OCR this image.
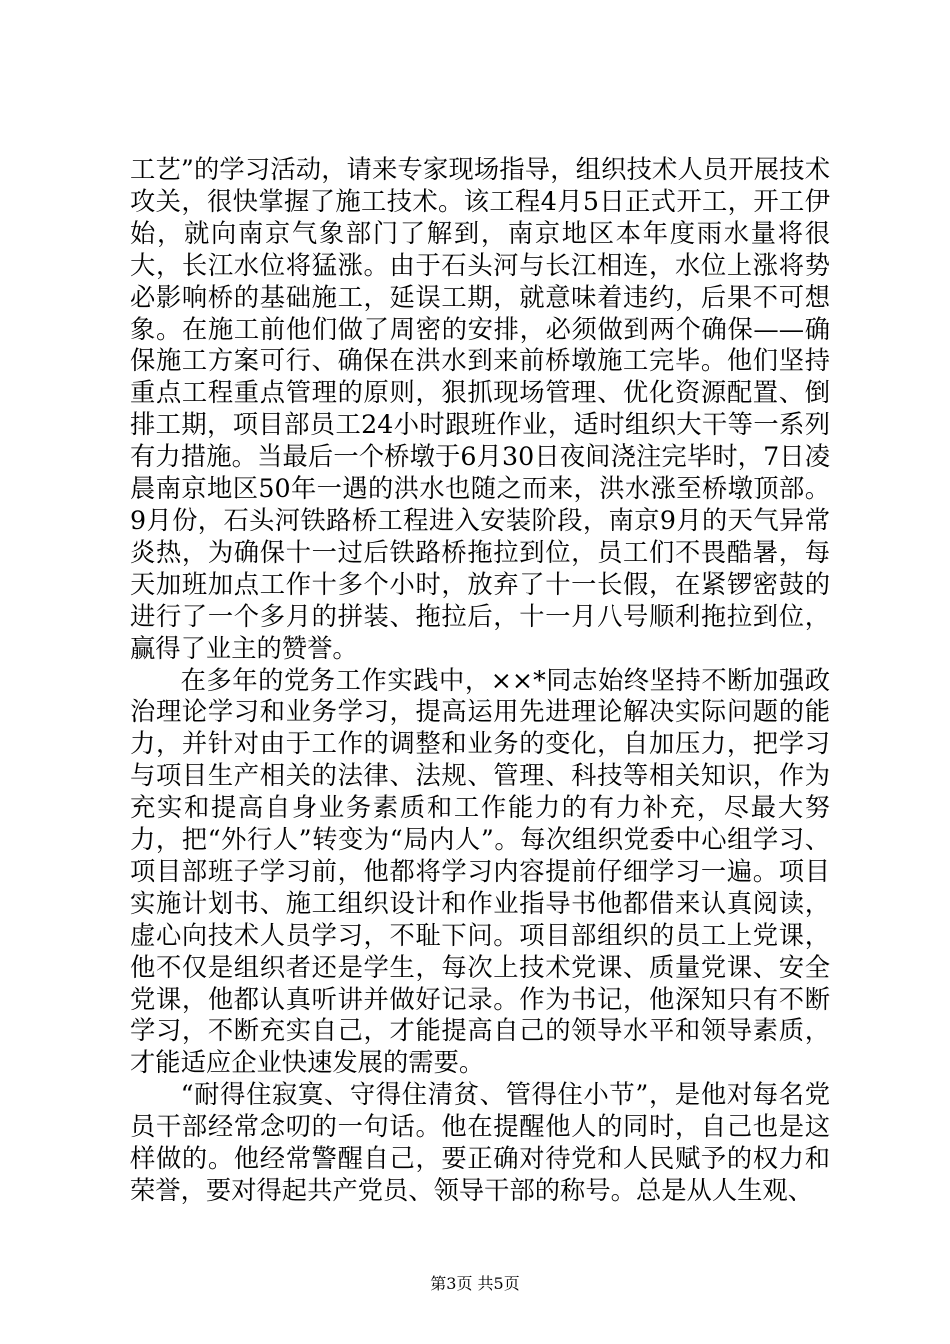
工艺”的学习活动，请来专家现场指导，组织技术人员开展技术攻关，很快掌握了施工技术。该工程4月5日正式开工，开工伊始，就向南京气象部门了解到，南京地区本年度雨水量将很大，长江水位将猛涨。由于石头河与长江相连，水位上涨将势必影响桥的基础施工，延误工期，就意味着违约，后果不可想象。在施工前他们做了周密的安排，必须做到两个确保——确保施工方案可行、确保在洪水到来前桥墩施工完毕。他们坚持重点工程重点管理的原则，狠抓现场管理、优化资源配置、倒排工期，项目部员工24小时跟班作业，适时组织大干等一系列有力措施。当最后一个桥墩于6月30日夜间浇注完毕时，7日凌晨南京地区50年一遇的洪水也随之而来，洪水涨至桥墩顶部。9月份，石头河铁路桥工程进入安装阶段，南京9月的天气异常炎热，为确保十一过后铁路桥拖拉到位，员工们不畏酷暑，每天加班加点工作十多个小时，放弃了十一长假，在紧锣密鼓的进行了一个多月的拼装、拖拉后，十一月八号顺利拖拉到位，赢得了业主的赞誉。

在多年的党务工作实践中，××*同志始终坚持不断加强政治理论学习和业务学习，提高运用先进理论解决实际问题的能力，并针对由于工作的调整和业务的变化，自加压力，把学习与项目生产相关的法律、法规、管理、科技等相关知识，作为充实和提高自身业务素质和工作能力的有力补充，尽最大努力，把“外行人”转变为“局内人”。每次组织党委中心组学习、项目部班子学习前，他都将学习内容提前仔细学习一遍。项目实施计划书、施工组织设计和作业指导书他都借来认真阅读，虚心向技术人员学习，不耻下问。项目部组织的员工上党课，他不仅是组织者还是学生，每次上技术党课、质量党课、安全党课，他都认真听讲并做好记录。作为书记，他深知只有不断学习，不断充实自己，才能提高自己的领导水平和领导素质，才能适应企业快速发展的需要。

“耐得住寂寞、守得住清贫、管得住小节”，是他对每名党员干部经常念叨的一句话。他在提醒他人的同时，自己也是这样做的。他经常警醒自己，要正确对待党和人民赋予的权力和荣誉，要对得起共产党员、领导干部的称号。总是从人生观、

第3页 共5页
